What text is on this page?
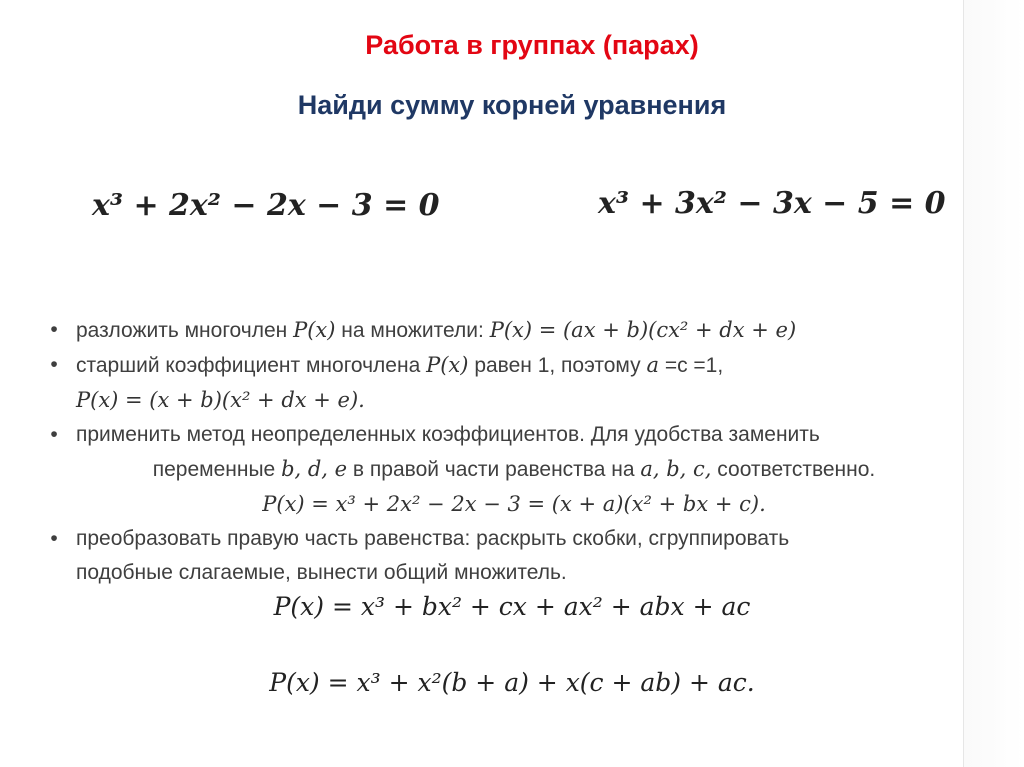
Работа в группах (парах)
Найди сумму корней уравнения
x³ + 2x² − 2x − 3 = 0	x³ + 3x² − 3x − 5 = 0
• разложить многочлен P(x) на множители: P(x) = (ax + b)(cx² + dx + e)
• старший коэффициент многочлена P(x) равен 1, поэтому a =c =1,
P(x) = (x + b)(x² + dx + e).
• применить метод неопределенных коэффициентов. Для удобства заменить
переменные b, d, e в правой части равенства на a, b, c, соответственно.
P(x) = x³ + 2x² − 2x − 3 = (x + a)(x² + bx + c).
• преобразовать правую часть равенства: раскрыть скобки, сгруппировать
подобные слагаемые, вынести общий множитель.
P(x) = x³ + bx² + cx + ax² + abx + ac
P(x) = x³ + x²(b + a) + x(c + ab) + ac.
